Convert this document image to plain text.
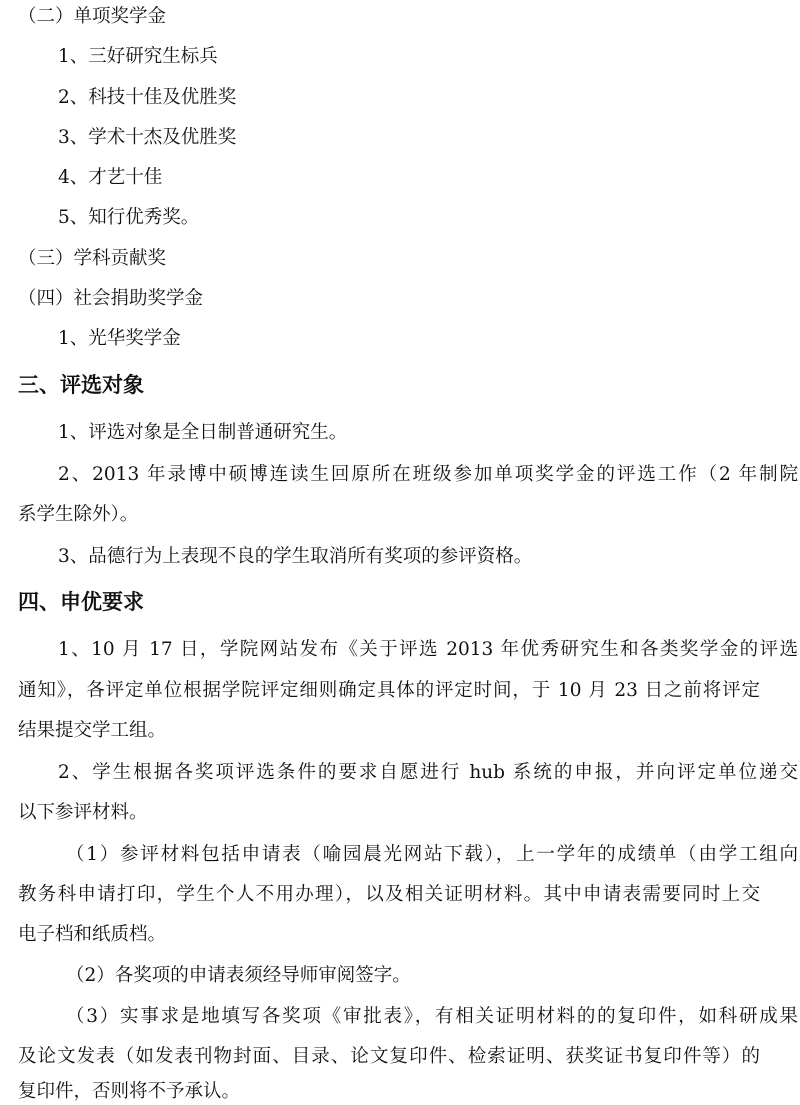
（二）单项奖学金

1、三好研究生标兵

2、科技十佳及优胜奖

3、学术十杰及优胜奖

4、才艺十佳

5、知行优秀奖。

（三）学科贡献奖

（四）社会捐助奖学金

1、光华奖学金

三、评选对象

1、评选对象是全日制普通研究生。

2、2013 年录博中硕博连读生回原所在班级参加单项奖学金的评选工作（2 年制院

系学生除外）。

3、品德行为上表现不良的学生取消所有奖项的参评资格。

四、申优要求

1、10 月 17 日，学院网站发布《关于评选 2013 年优秀研究生和各类奖学金的评选

通知》，各评定单位根据学院评定细则确定具体的评定时间，于 10 月 23 日之前将评定

结果提交学工组。

2、学生根据各奖项评选条件的要求自愿进行 hub 系统的申报，并向评定单位递交

以下参评材料。

（1）参评材料包括申请表（喻园晨光网站下载），上一学年的成绩单（由学工组向

教务科申请打印，学生个人不用办理），以及相关证明材料。其中申请表需要同时上交

电子档和纸质档。

（2）各奖项的申请表须经导师审阅签字。

（3）实事求是地填写各奖项《审批表》，有相关证明材料的的复印件，如科研成果

及论文发表（如发表刊物封面、目录、论文复印件、检索证明、获奖证书复印件等）的

复印件，否则将不予承认。
